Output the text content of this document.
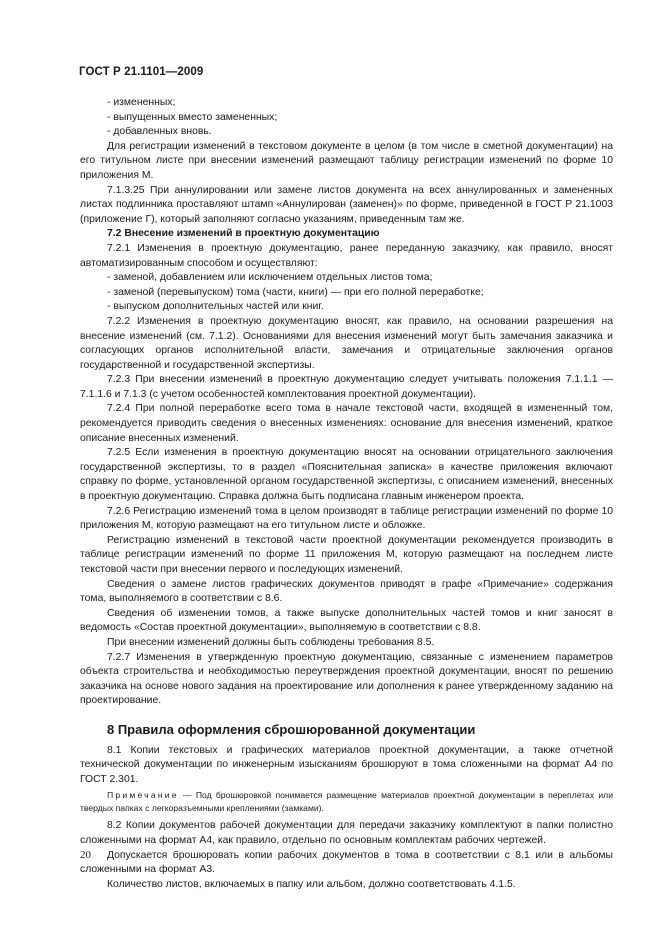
ГОСТ Р 21.1101—2009

- измененных;

- выпущенных вместо замененных;

- добавленных вновь.

Для регистрации изменений в текстовом документе в целом (в том числе в сметной документации) на его титульном листе при внесении изменений размещают таблицу регистрации изменений по форме 10 приложения М.

7.1.3.25 При аннулировании или замене листов документа на всех аннулированных и замененных листах подлинника проставляют штамп «Аннулирован (заменен)» по форме, приведенной в ГОСТ Р 21.1003 (приложение Г), который заполняют согласно указаниям, приведенным там же.

7.2 Внесение изменений в проектную документацию

7.2.1 Изменения в проектную документацию, ранее переданную заказчику, как правило, вносят автоматизированным способом и осуществляют:

- заменой, добавлением или исключением отдельных листов тома;

- заменой (перевыпуском) тома (части, книги) — при его полной переработке;

- выпуском дополнительных частей или книг.

7.2.2 Изменения в проектную документацию вносят, как правило, на основании разрешения на внесение изменений (см. 7.1.2). Основаниями для внесения изменений могут быть замечания заказчика и согласующих органов исполнительной власти, замечания и отрицательные заключения органов государственной и государственной экспертизы.

7.2.3 При внесении изменений в проектную документацию следует учитывать положения 7.1.1.1 — 7.1.1.6 и 7.1.3 (с учетом особенностей комплектования проектной документации).

7.2.4 При полной переработке всего тома в начале текстовой части, входящей в измененный том, рекомендуется приводить сведения о внесенных изменениях: основание для внесения изменений, краткое описание внесенных изменений.

7.2.5 Если изменения в проектную документацию вносят на основании отрицательного заключения государственной экспертизы, то в раздел «Пояснительная записка» в качестве приложения включают справку по форме, установленной органом государственной экспертизы, с описанием изменений, внесенных в проектную документацию. Справка должна быть подписана главным инженером проекта.

7.2.6 Регистрацию изменений тома в целом производят в таблице регистрации изменений по форме 10 приложения М, которую размещают на его титульном листе и обложке.

Регистрацию изменений в текстовой части проектной документации рекомендуется производить в таблице регистрации изменений по форме 11 приложения М, которую размещают на последнем листе текстовой части при внесении первого и последующих изменений.

Сведения о замене листов графических документов приводят в графе «Примечание» содержания тома, выполняемого в соответствии с 8.6.

Сведения об изменении томов, а также выпуске дополнительных частей томов и книг заносят в ведомость «Состав проектной документации», выполняемую в соответствии с 8.8.

При внесении изменений должны быть соблюдены требования 8.5.

7.2.7 Изменения в утвержденную проектную документацию, связанные с изменением параметров объекта строительства и необходимостью переутверждения проектной документации, вносят по решению заказчика на основе нового задания на проектирование или дополнения к ранее утвержденному заданию на проектирование.

8 Правила оформления сброшюрованной документации

8.1 Копии текстовых и графических материалов проектной документации, а также отчетной технической документации по инженерным изысканиям брошюруют в тома сложенными на формат А4 по ГОСТ 2.301.

Примечание — Под брошюровкой понимается размещение материалов проектной документации в переплетах или твердых папках с легкоразъемными креплениями (замками).

8.2 Копии документов рабочей документации для передачи заказчику комплектуют в папки полистно сложенными на формат А4, как правило, отдельно по основным комплектам рабочих чертежей.

Допускается брошюровать копии рабочих документов в тома в соответствии с 8.1 или в альбомы сложенными на формат А3.

Количество листов, включаемых в папку или альбом, должно соответствовать 4.1.5.

20
